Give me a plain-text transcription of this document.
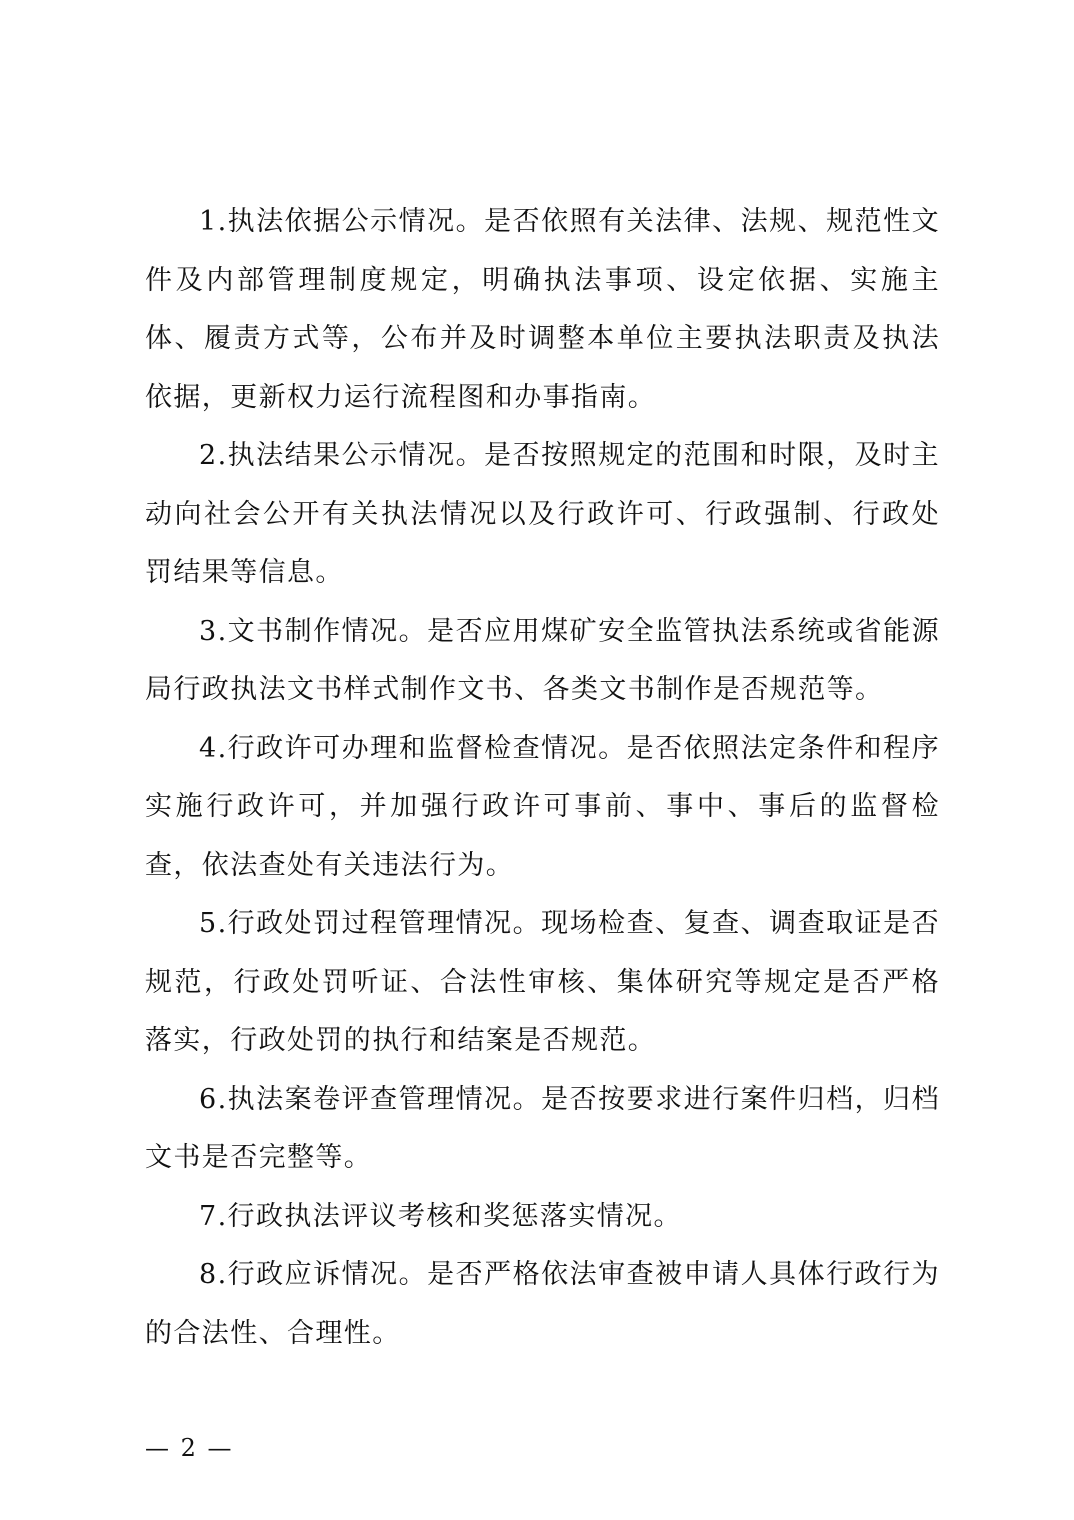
1.执法依据公示情况。是否依照有关法律、法规、规范性文件及内部管理制度规定，明确执法事项、设定依据、实施主体、履责方式等，公布并及时调整本单位主要执法职责及执法依据，更新权力运行流程图和办事指南。

2.执法结果公示情况。是否按照规定的范围和时限，及时主动向社会公开有关执法情况以及行政许可、行政强制、行政处罚结果等信息。

3.文书制作情况。是否应用煤矿安全监管执法系统或省能源局行政执法文书样式制作文书、各类文书制作是否规范等。

4.行政许可办理和监督检查情况。是否依照法定条件和程序实施行政许可，并加强行政许可事前、事中、事后的监督检查，依法查处有关违法行为。

5.行政处罚过程管理情况。现场检查、复查、调查取证是否规范，行政处罚听证、合法性审核、集体研究等规定是否严格落实，行政处罚的执行和结案是否规范。

6.执法案卷评查管理情况。是否按要求进行案件归档，归档文书是否完整等。

7.行政执法评议考核和奖惩落实情况。

8.行政应诉情况。是否严格依法审查被申请人具体行政行为的合法性、合理性。

— 2 —
